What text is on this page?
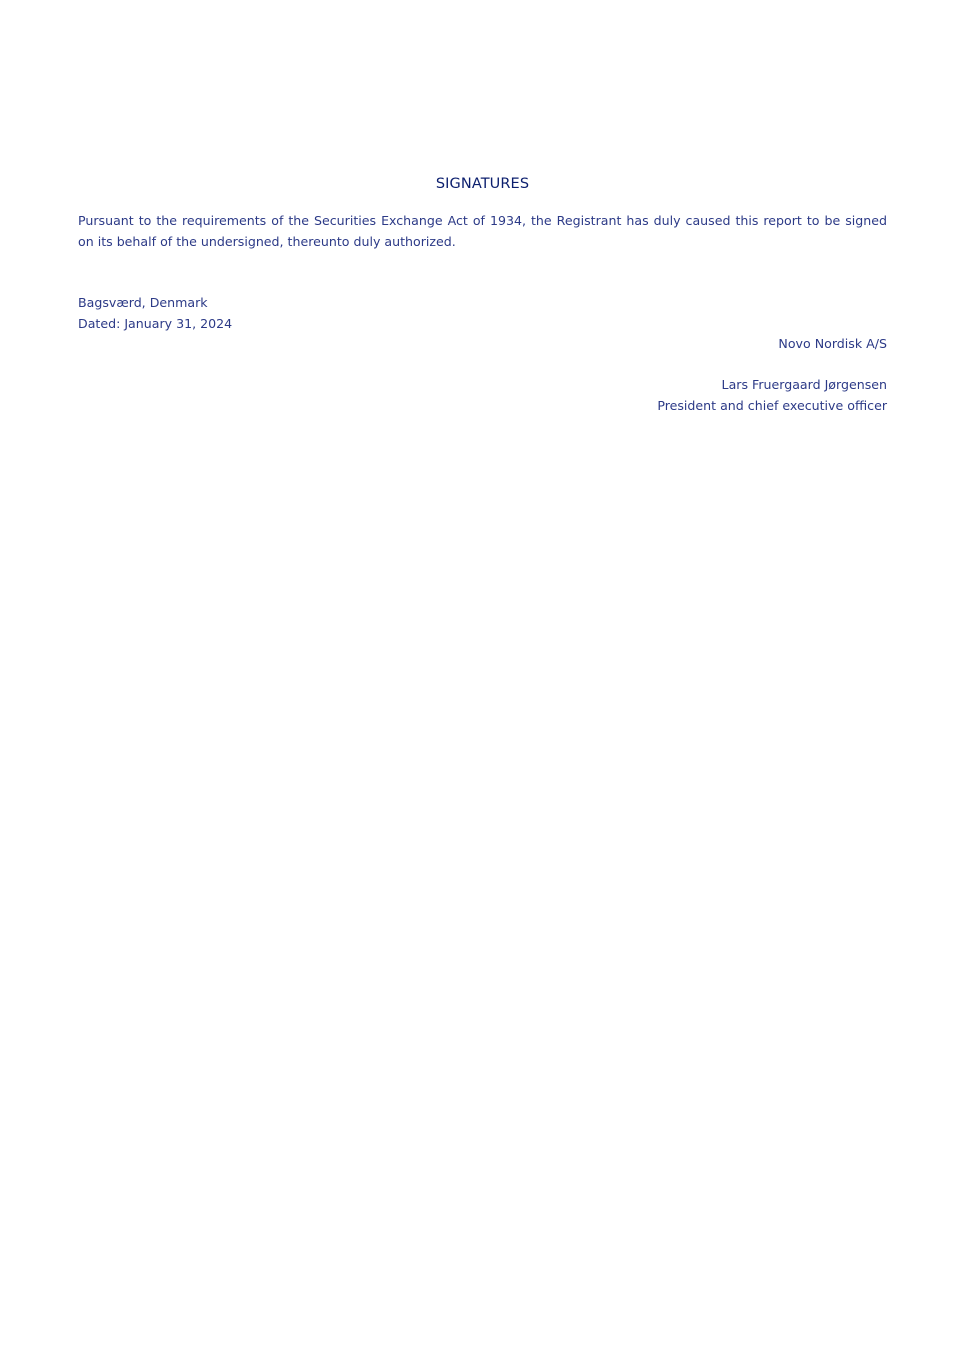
SIGNATURES
Pursuant to the requirements of the Securities Exchange Act of 1934, the Registrant has duly caused this report to be signed on its behalf of the undersigned, thereunto duly authorized.
Bagsværd, Denmark
Dated: January 31, 2024
Novo Nordisk A/S
Lars Fruergaard Jørgensen
President and chief executive officer
